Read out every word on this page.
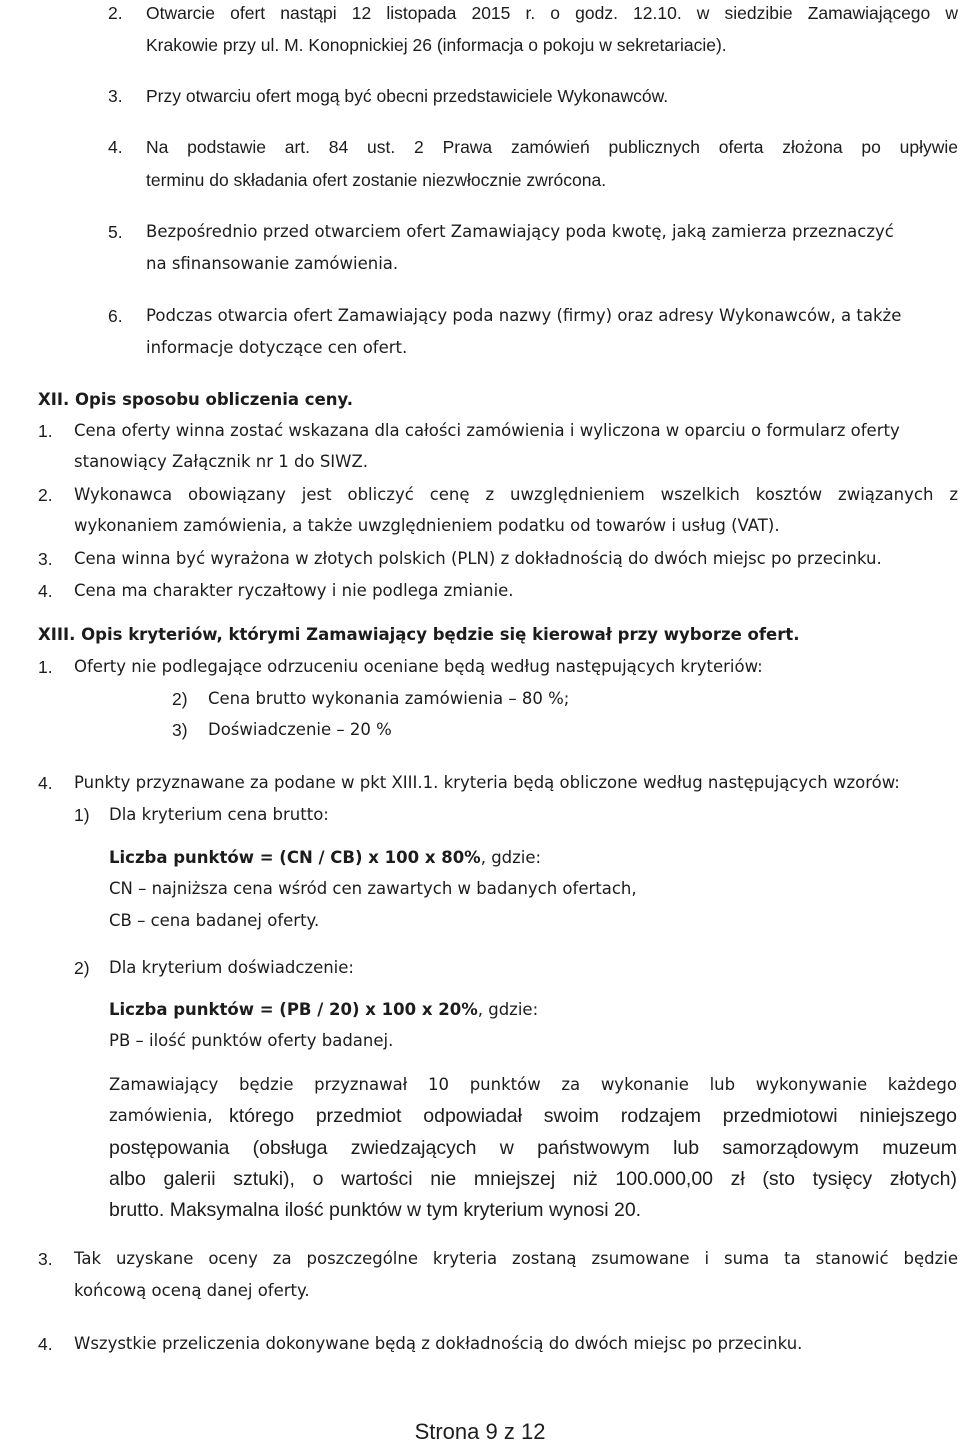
2. Otwarcie ofert nastąpi 12 listopada 2015 r. o godz. 12.10. w siedzibie Zamawiającego w
Krakowie przy ul. M. Konopnickiej 26 (informacja o pokoju w sekretariacie).
3. Przy otwarciu ofert mogą być obecni przedstawiciele Wykonawców.
4. Na podstawie art. 84 ust. 2 Prawa zamówień publicznych oferta złożona po upływie
terminu do składania ofert zostanie niezwłocznie zwrócona.
5. Bezpośrednio przed otwarciem ofert Zamawiający poda kwotę, jaką zamierza przeznaczyć
na sfinansowanie zamówienia.
6. Podczas otwarcia ofert Zamawiający poda nazwy (firmy) oraz adresy Wykonawców, a także
informacje dotyczące cen ofert.
XII. Opis sposobu obliczenia ceny.
1. Cena oferty winna zostać wskazana dla całości zamówienia i wyliczona w oparciu o formularz oferty
stanowiący Załącznik nr 1 do SIWZ.
2. Wykonawca obowiązany jest obliczyć cenę z uwzględnieniem wszelkich kosztów związanych z
wykonaniem zamówienia, a także uwzględnieniem podatku od towarów i usług (VAT).
3. Cena winna być wyrażona w złotych polskich (PLN) z dokładnością do dwóch miejsc po przecinku.
4. Cena ma charakter ryczałtowy i nie podlega zmianie.
XIII. Opis kryteriów, którymi Zamawiający będzie się kierował przy wyborze ofert.
1. Oferty nie podlegające odrzuceniu oceniane będą według następujących kryteriów:
2) Cena brutto wykonania zamówienia – 80 %;
3) Doświadczenie – 20 %
4. Punkty przyznawane za podane w pkt XIII.1. kryteria będą obliczone według następujących wzorów:
1) Dla kryterium cena brutto:
Liczba punktów = (CN / CB) x 100 x 80%, gdzie:
CN – najniższa cena wśród cen zawartych w badanych ofertach,
CB – cena badanej oferty.
2) Dla kryterium doświadczenie:
Liczba punktów = (PB / 20) x 100 x 20%, gdzie:
PB – ilość punktów oferty badanej.
Zamawiający będzie przyznawał 10 punktów za wykonanie lub wykonywanie każdego
zamówienia, którego przedmiot odpowiadał swoim rodzajem przedmiotowi niniejszego
postępowania (obsługa zwiedzających w państwowym lub samorządowym muzeum
albo galerii sztuki), o wartości nie mniejszej niż 100.000,00 zł (sto tysięcy złotych)
brutto. Maksymalna ilość punktów w tym kryterium wynosi 20.
3. Tak uzyskane oceny za poszczególne kryteria zostaną zsumowane i suma ta stanowić będzie
końcową oceną danej oferty.
4. Wszystkie przeliczenia dokonywane będą z dokładnością do dwóch miejsc po przecinku.
Strona 9 z 12
